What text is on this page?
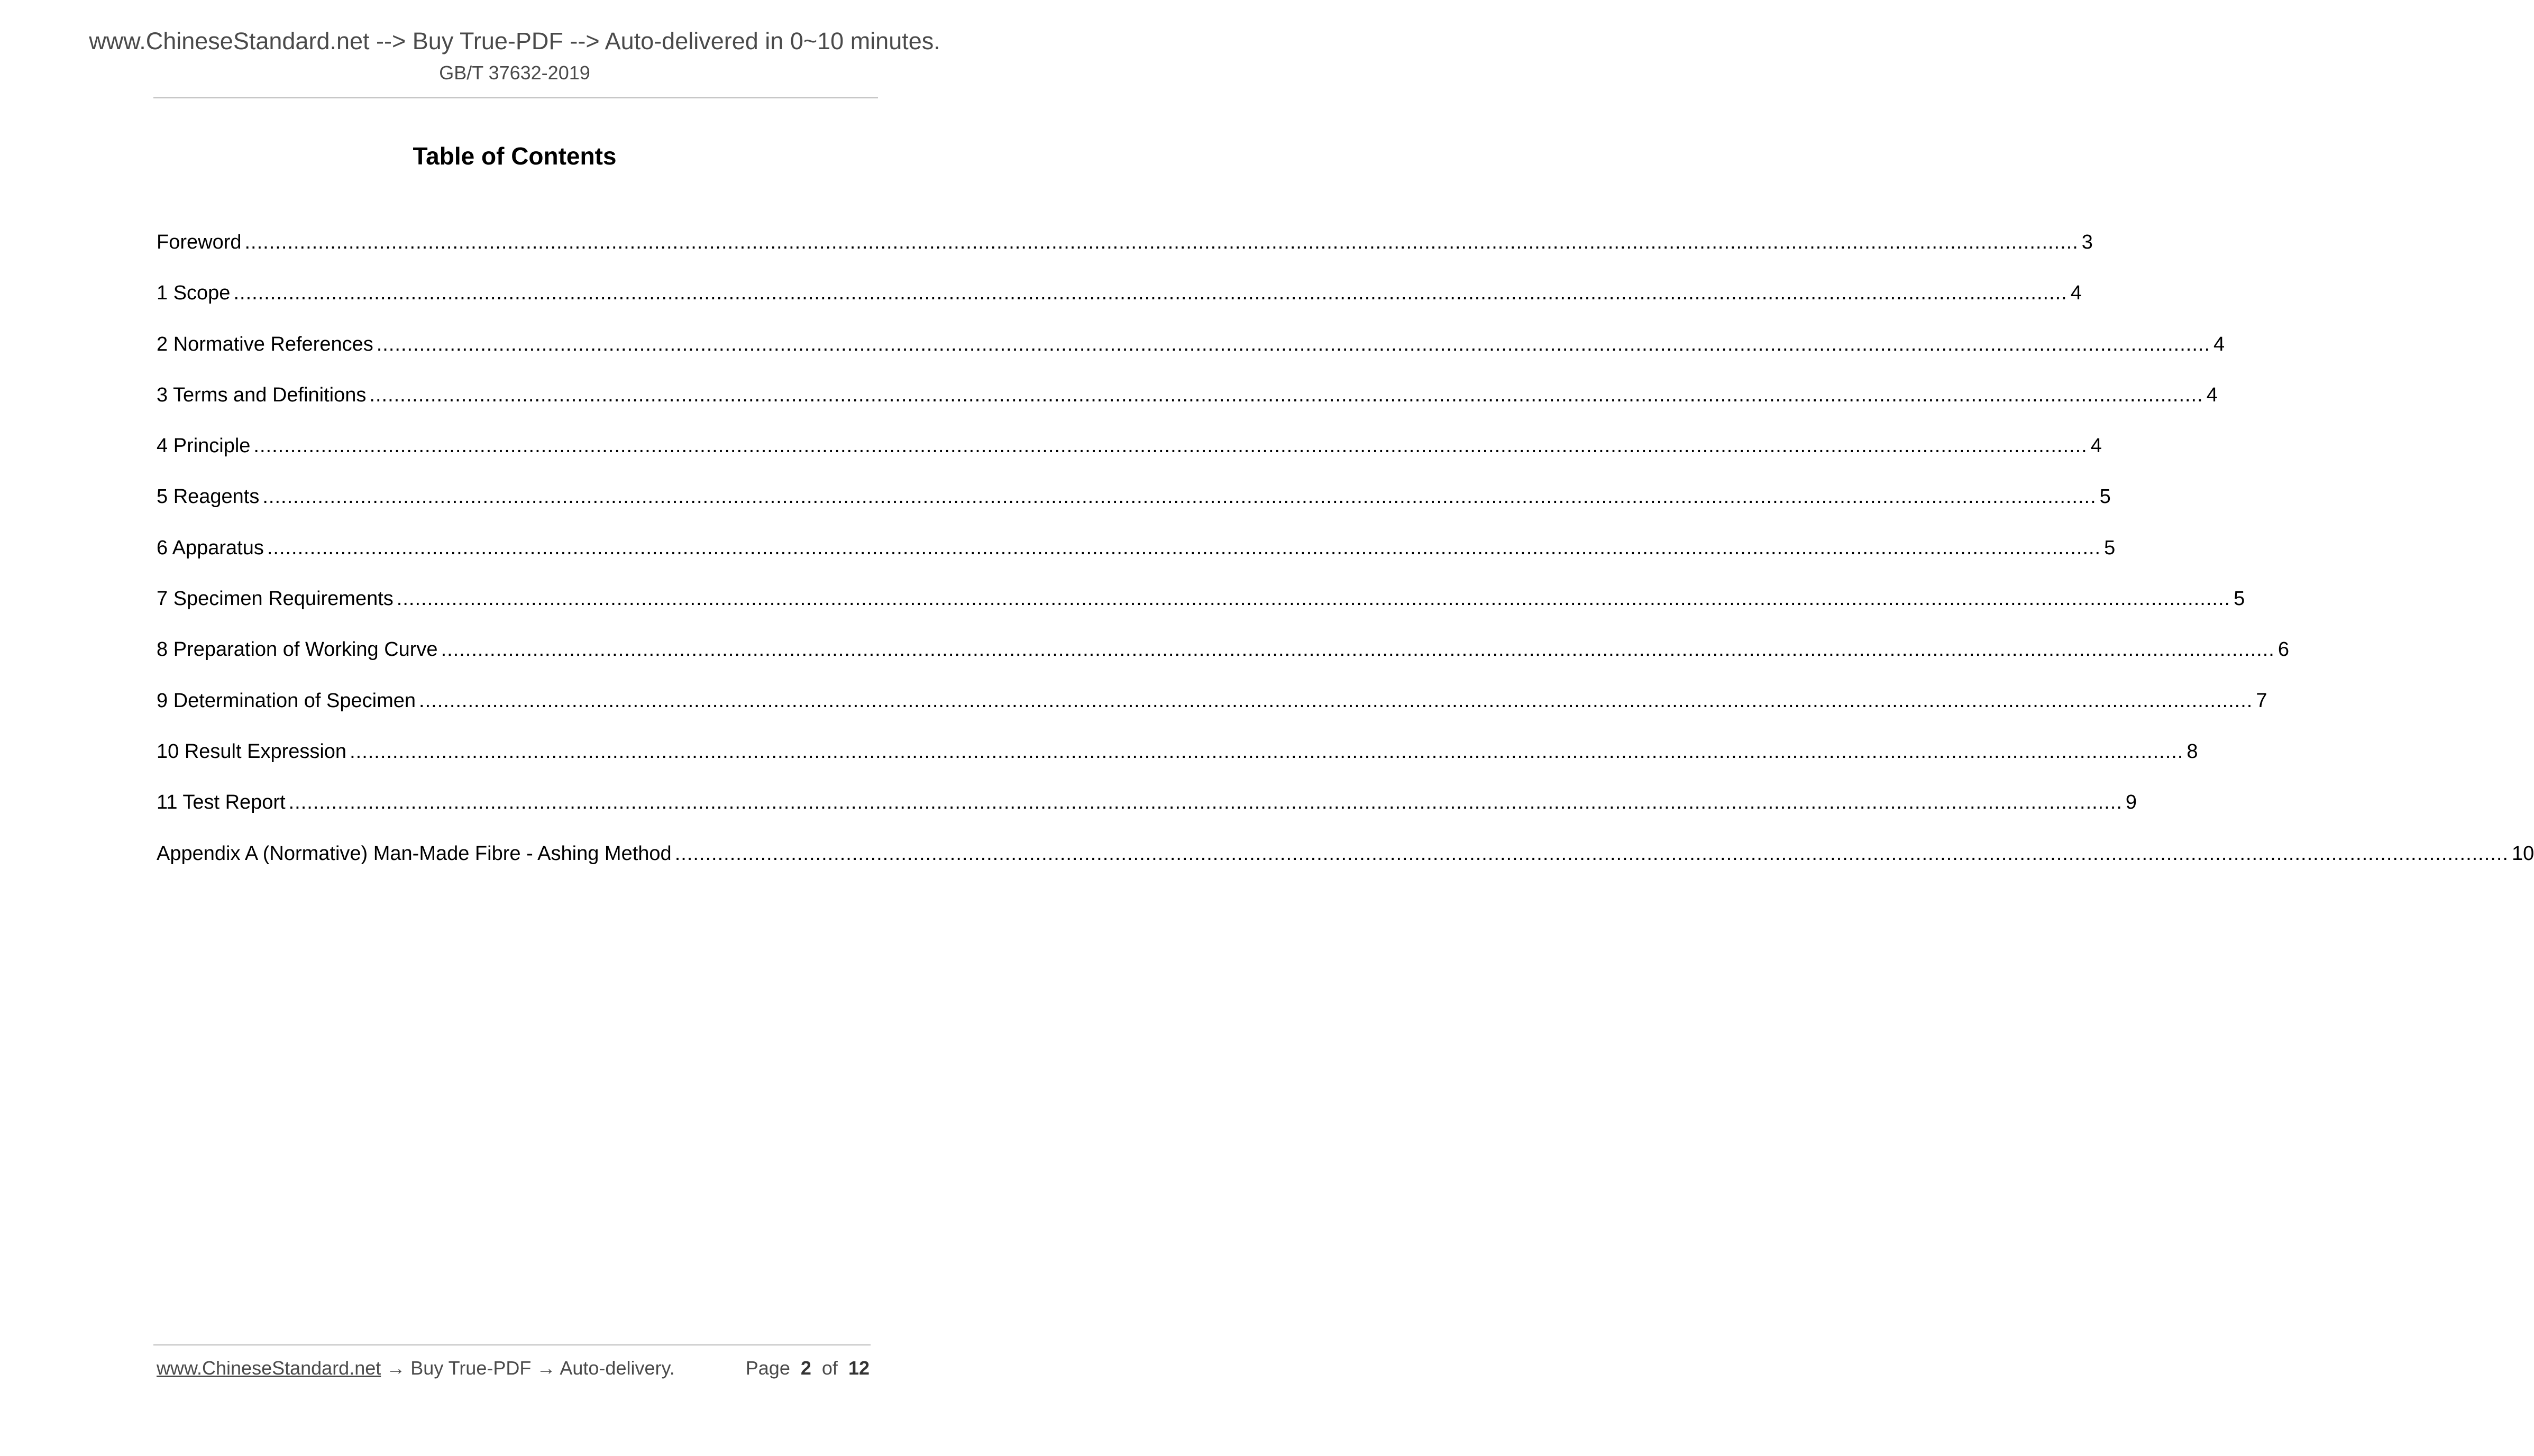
www.ChineseStandard.net --> Buy True-PDF --> Auto-delivered in 0~10 minutes.
GB/T 37632-2019
Table of Contents
Foreword ............................................................................................................................................................................................................................................................................................................ 3
1 Scope ............................................................................................................................................................................................................................................................................................................ 4
2 Normative References ............................................................................................................................................................................................................................................................................................................ 4
3 Terms and Definitions ............................................................................................................................................................................................................................................................................................................ 4
4 Principle ............................................................................................................................................................................................................................................................................................................ 4
5 Reagents ............................................................................................................................................................................................................................................................................................................ 5
6 Apparatus ............................................................................................................................................................................................................................................................................................................ 5
7 Specimen Requirements ............................................................................................................................................................................................................................................................................................................ 5
8 Preparation of Working Curve ............................................................................................................................................................................................................................................................................................................ 6
9 Determination of Specimen ............................................................................................................................................................................................................................................................................................................ 7
10 Result Expression ............................................................................................................................................................................................................................................................................................................ 8
11 Test Report ............................................................................................................................................................................................................................................................................................................ 9
Appendix A (Normative) Man-Made Fibre - Ashing Method ............................................................................................................................................................................................................................................................................................................ 10
www.ChineseStandard.net → Buy True-PDF → Auto-delivery.	Page 2 of 12
